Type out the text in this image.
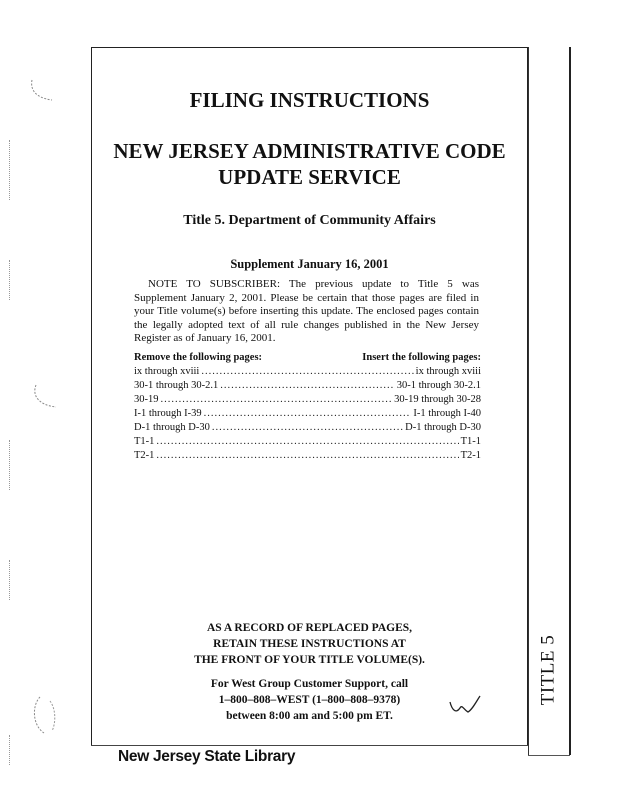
TITLE 5
FILING INSTRUCTIONS
NEW JERSEY ADMINISTRATIVE CODE
UPDATE SERVICE
Title 5. Department of Community Affairs
Supplement January 16, 2001
NOTE TO SUBSCRIBER: The previous update to Title 5 was
Supplement January 2, 2001. Please be certain that those pages are filed in your Title volume(s) before inserting this update. The enclosed pages contain the legally adopted text of all rule changes published in the New Jersey Register as of January 16, 2001.
Remove the following pages:	Insert the following pages:
ix through xviii .....	ix through xviii
30-1 through 30-2.1 .....	30-1 through 30-2.1
30-19 .....	30-19 through 30-28
I-1 through I-39 .....	I-1 through I-40
D-1 through D-30 .....	D-1 through D-30
T1-1 .....	T1-1
T2-1 .....	T2-1
AS A RECORD OF REPLACED PAGES,
RETAIN THESE INSTRUCTIONS AT
THE FRONT OF YOUR TITLE VOLUME(S).
For West Group Customer Support, call
1–800–808–WEST (1–800–808–9378)
between 8:00 am and 5:00 pm ET.
New Jersey State Library
